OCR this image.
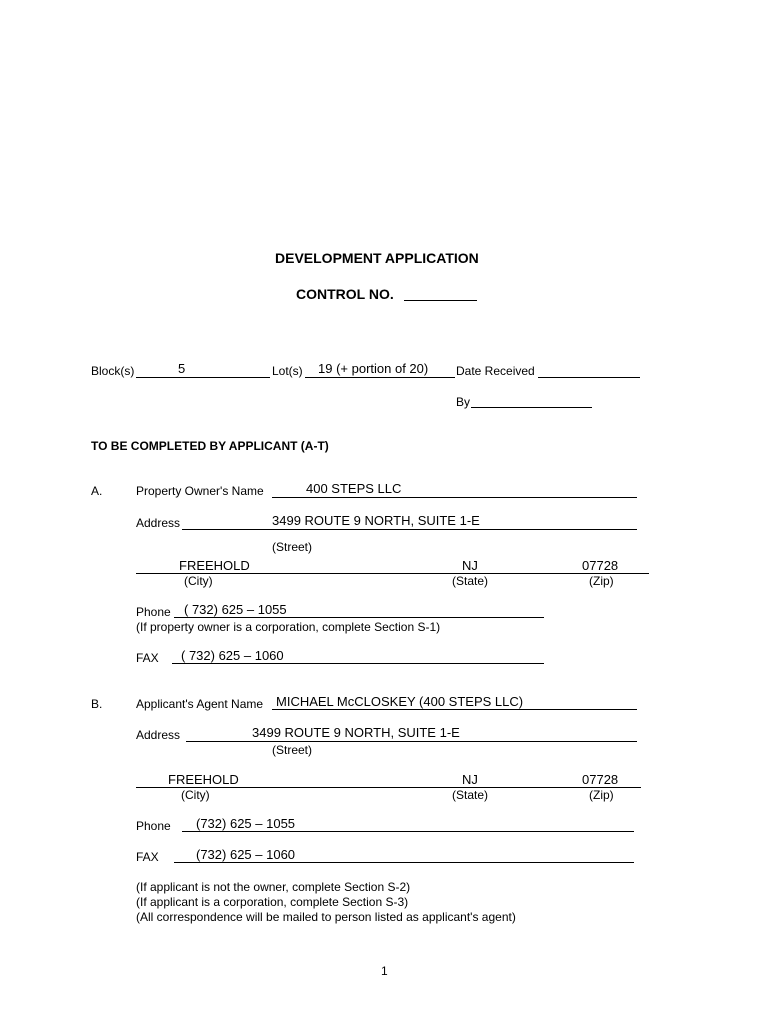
DEVELOPMENT APPLICATION
CONTROL NO.
Block(s)	5	Lot(s) 19 (+ portion of 20) Date Received
By
TO BE COMPLETED BY APPLICANT (A-T)
A.	Property Owner's Name	400 STEPS LLC
Address	3499 ROUTE 9 NORTH, SUITE 1-E
(Street)
FREEHOLD	NJ	07728
(City)	(State)	(Zip)
Phone ( 732) 625 – 1055
(If property owner is a corporation, complete Section S-1)
FAX ( 732) 625 – 1060
B.	Applicant's Agent Name MICHAEL McCLOSKEY (400 STEPS LLC)
Address	3499 ROUTE 9 NORTH, SUITE 1-E
(Street)
FREEHOLD	NJ	07728
(City)	(State)	(Zip)
Phone (732) 625 – 1055
FAX	(732) 625 – 1060
(If applicant is not the owner, complete Section S-2)
(If applicant is a corporation, complete Section S-3)
(All correspondence will be mailed to person listed as applicant's agent)
1
